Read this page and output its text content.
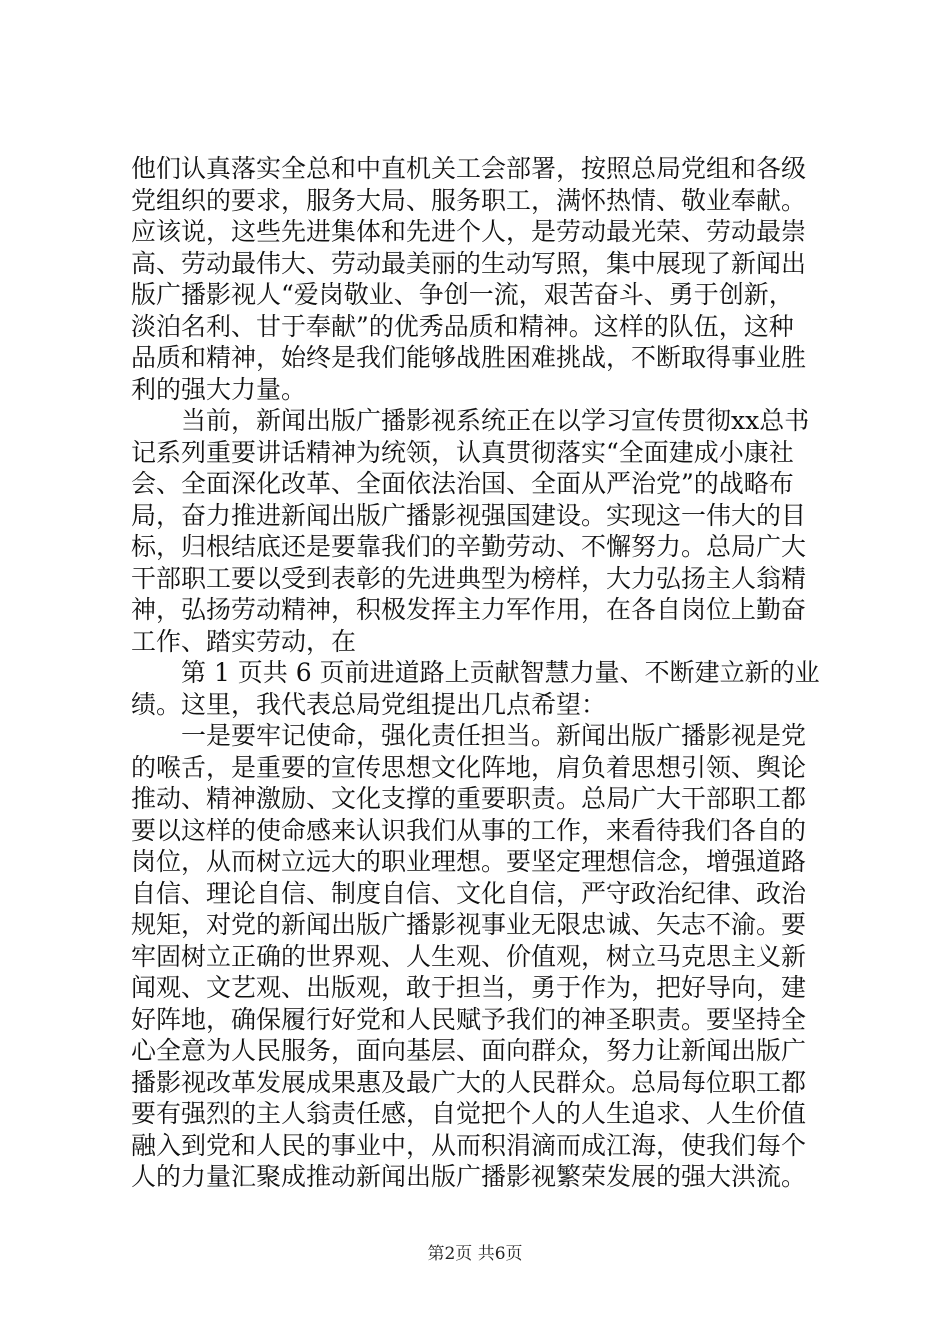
他们认真落实全总和中直机关工会部署，按照总局党组和各级
党组织的要求，服务大局、服务职工，满怀热情、敬业奉献。
应该说，这些先进集体和先进个人，是劳动最光荣、劳动最崇
高、劳动最伟大、劳动最美丽的生动写照，集中展现了新闻出
版广播影视人“爱岗敬业、争创一流，艰苦奋斗、勇于创新，
淡泊名利、甘于奉献”的优秀品质和精神。这样的队伍，这种
品质和精神，始终是我们能够战胜困难挑战，不断取得事业胜
利的强大力量。
　　当前，新闻出版广播影视系统正在以学习宣传贯彻xx总书
记系列重要讲话精神为统领，认真贯彻落实“全面建成小康社
会、全面深化改革、全面依法治国、全面从严治党”的战略布
局，奋力推进新闻出版广播影视强国建设。实现这一伟大的目
标，归根结底还是要靠我们的辛勤劳动、不懈努力。总局广大
干部职工要以受到表彰的先进典型为榜样，大力弘扬主人翁精
神，弘扬劳动精神，积极发挥主力军作用，在各自岗位上勤奋
工作、踏实劳动，在
　　第 1 页共 6 页前进道路上贡献智慧力量、不断建立新的业
绩。这里，我代表总局党组提出几点希望：
　　一是要牢记使命，强化责任担当。新闻出版广播影视是党
的喉舌，是重要的宣传思想文化阵地，肩负着思想引领、舆论
推动、精神激励、文化支撑的重要职责。总局广大干部职工都
要以这样的使命感来认识我们从事的工作，来看待我们各自的
岗位，从而树立远大的职业理想。要坚定理想信念，增强道路
自信、理论自信、制度自信、文化自信，严守政治纪律、政治
规矩，对党的新闻出版广播影视事业无限忠诚、矢志不渝。要
牢固树立正确的世界观、人生观、价值观，树立马克思主义新
闻观、文艺观、出版观，敢于担当，勇于作为，把好导向，建
好阵地，确保履行好党和人民赋予我们的神圣职责。要坚持全
心全意为人民服务，面向基层、面向群众，努力让新闻出版广
播影视改革发展成果惠及最广大的人民群众。总局每位职工都
要有强烈的主人翁责任感，自觉把个人的人生追求、人生价值
融入到党和人民的事业中，从而积涓滴而成江海，使我们每个
人的力量汇聚成推动新闻出版广播影视繁荣发展的强大洪流。
第2页 共6页
